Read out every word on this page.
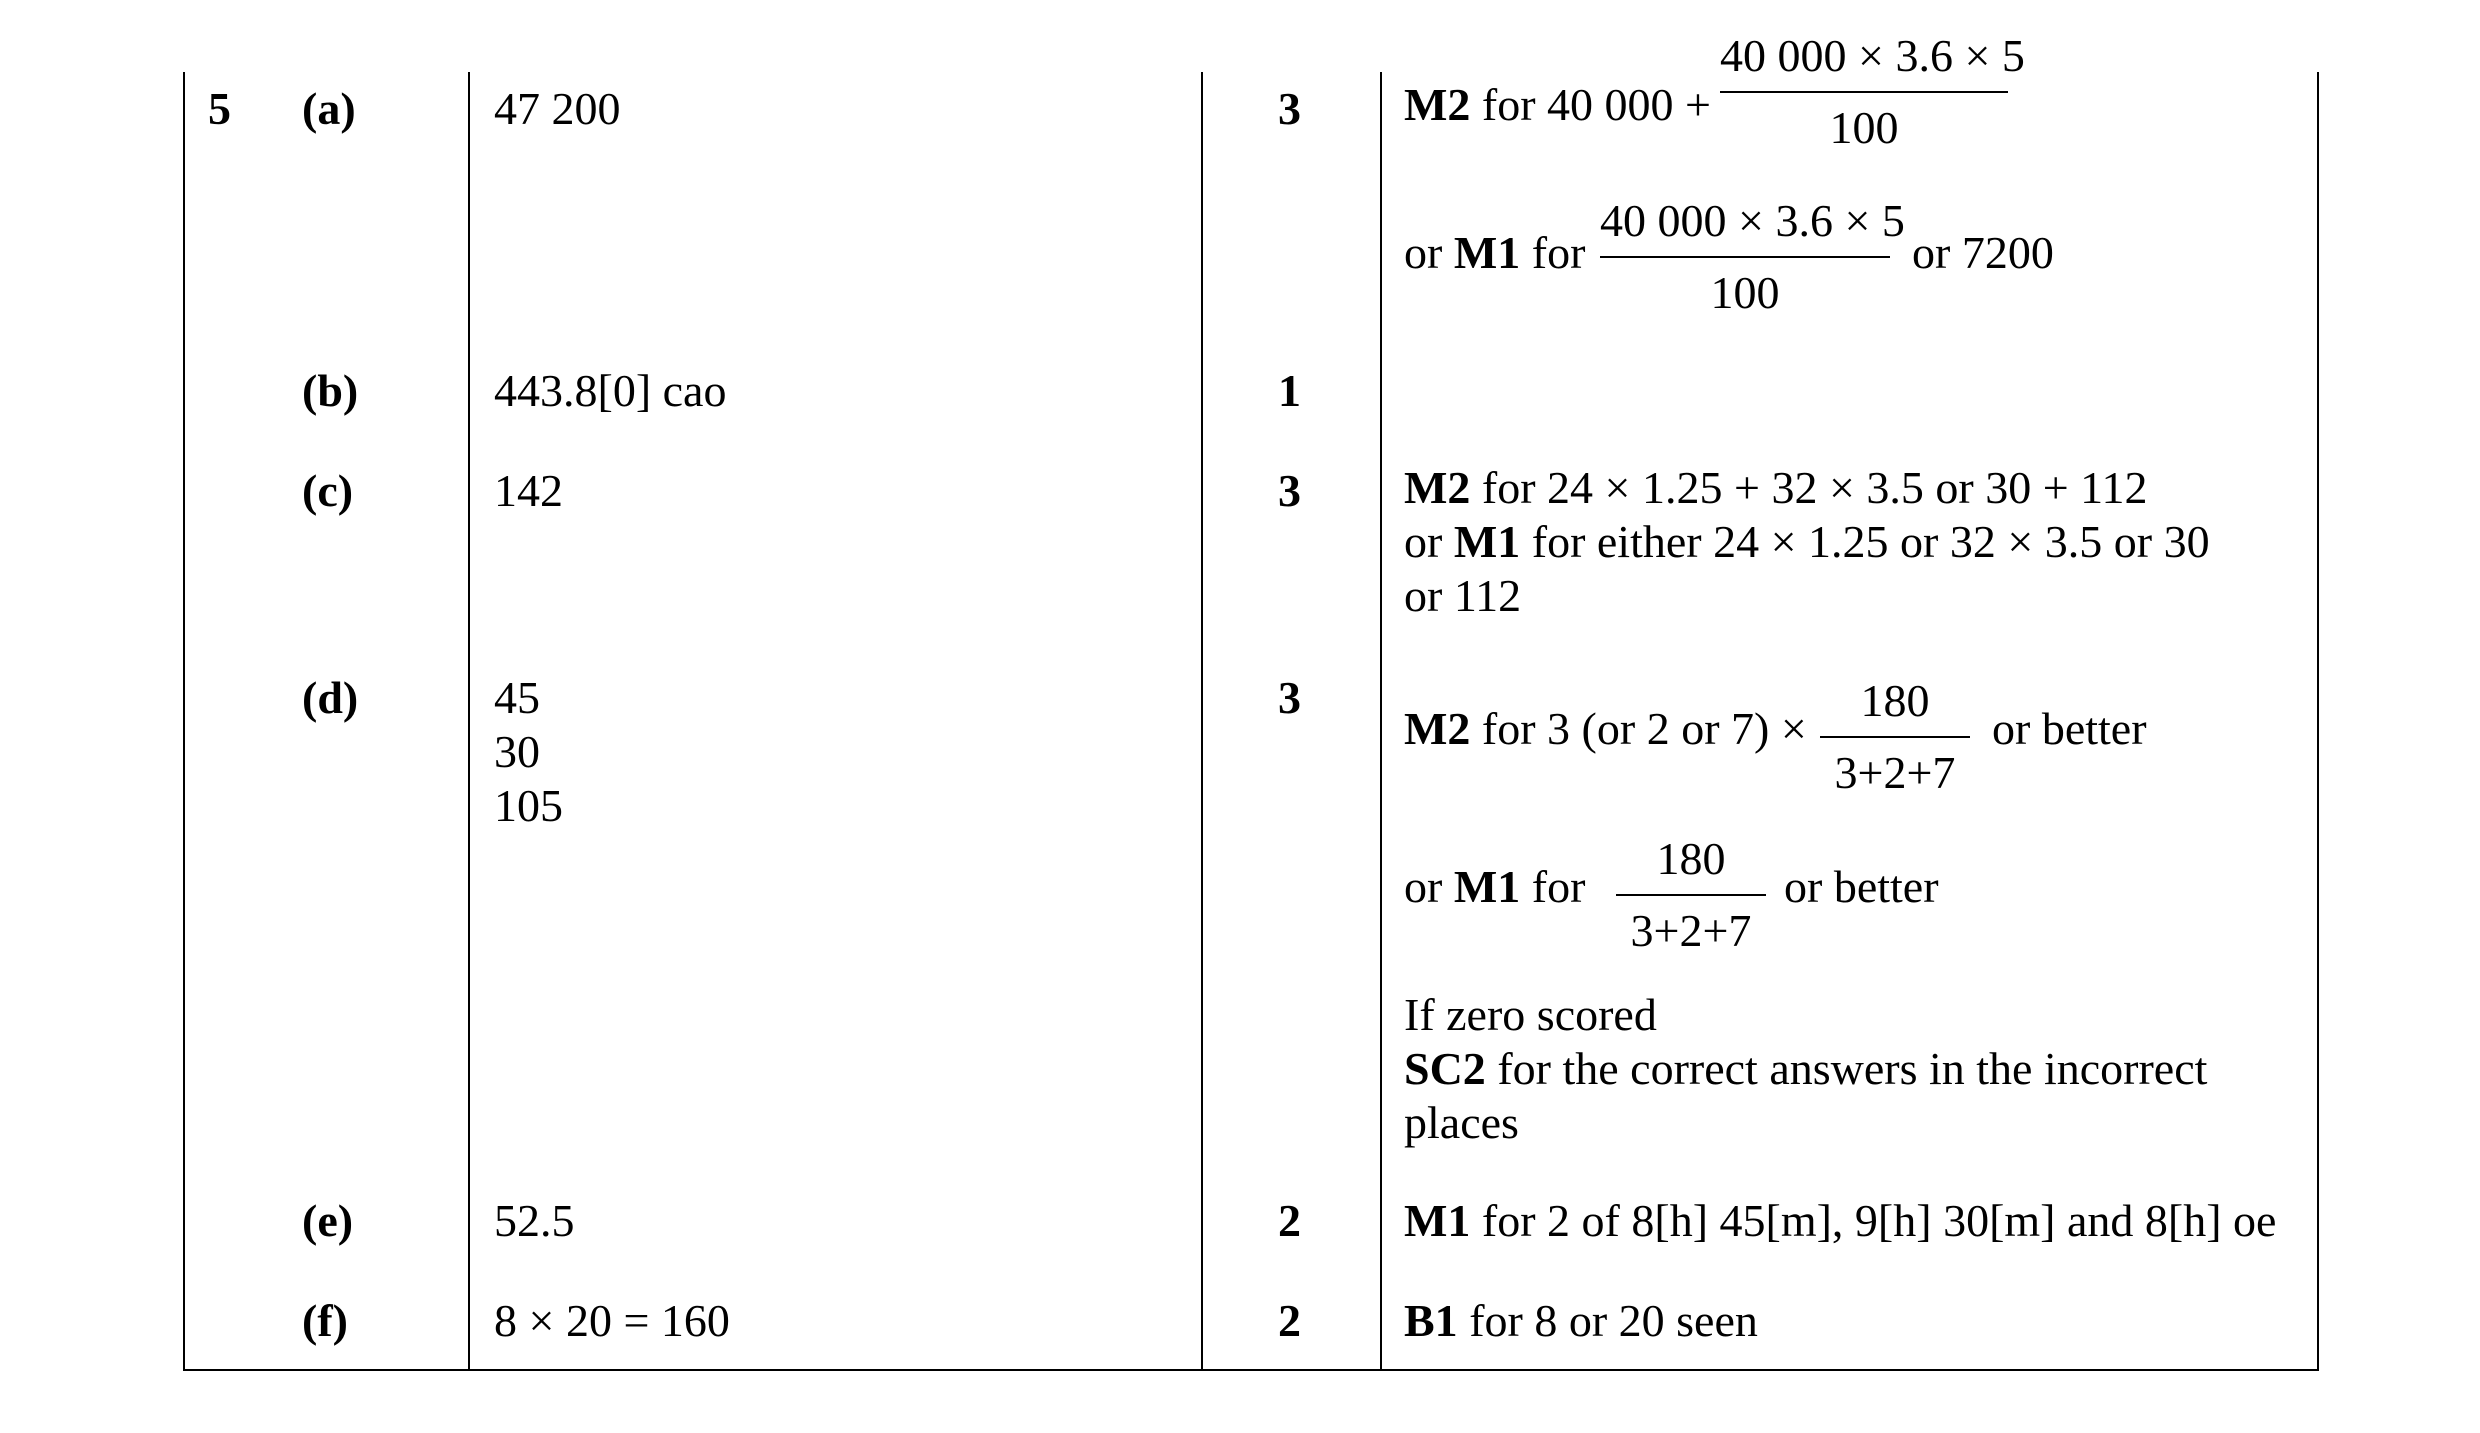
5 (a)
(b)
(c)
(d)
(e)
(f)
47 200
443.8[0] cao
142
45
30
105
52.5
8 × 20 = 160
3
1
3
3
2
2
M2 for 40 000 +
40 000 × 3.6 × 5
100
or M1 for
40 000 × 3.6 × 5
100
or 7200
M2 for 24 × 1.25 + 32 × 3.5 or 30 + 112
or M1 for either 24 × 1.25 or 32 × 3.5 or 30
or 112
M2 for 3 (or 2 or 7) ×
180
3+2+7
or better
or M1 for
180
3+2+7
or better
If zero scored
SC2 for the correct answers in the incorrect
places
M1 for 2 of 8[h] 45[m], 9[h] 30[m] and 8[h] oe
B1 for 8 or 20 seen
